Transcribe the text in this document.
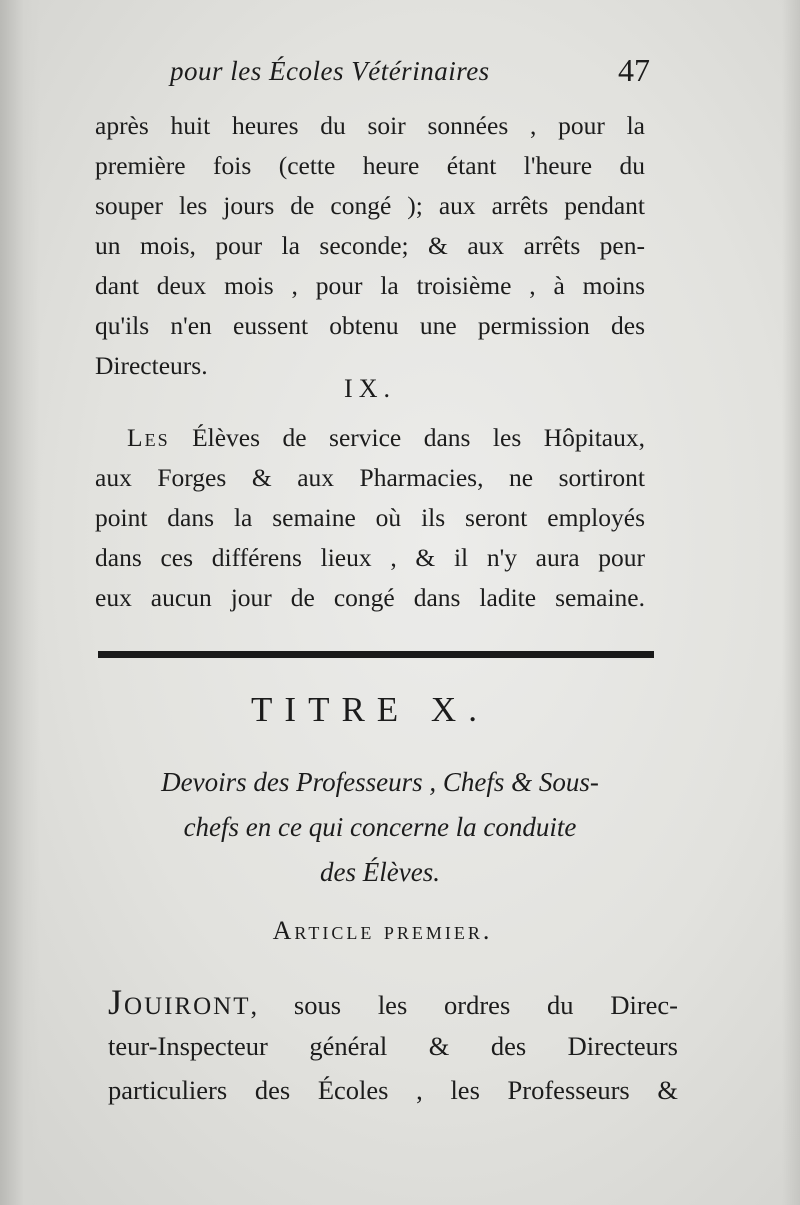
pour les Écoles Vétérinaires	47
après huit heures du soir sonnées , pour la
première fois (cette heure étant l'heure du
souper les jours de congé ); aux arrêts pendant
un mois, pour la seconde; & aux arrêts pen-
dant deux mois , pour la troisième , à moins
qu'ils n'en eussent obtenu une permission des
Directeurs.
IX.
Les Élèves de service dans les Hôpitaux,
aux Forges & aux Pharmacies, ne sortiront
point dans la semaine où ils seront employés
dans ces différens lieux , & il n'y aura pour
eux aucun jour de congé dans ladite semaine.
TITRE X.
Devoirs des Professeurs , Chefs & Sous-
chefs en ce qui concerne la conduite
des Élèves.
Article premier.
Jouiront, sous les ordres du Direc-
teur-Inspecteur général & des Directeurs
particuliers des Écoles , les Professeurs &
